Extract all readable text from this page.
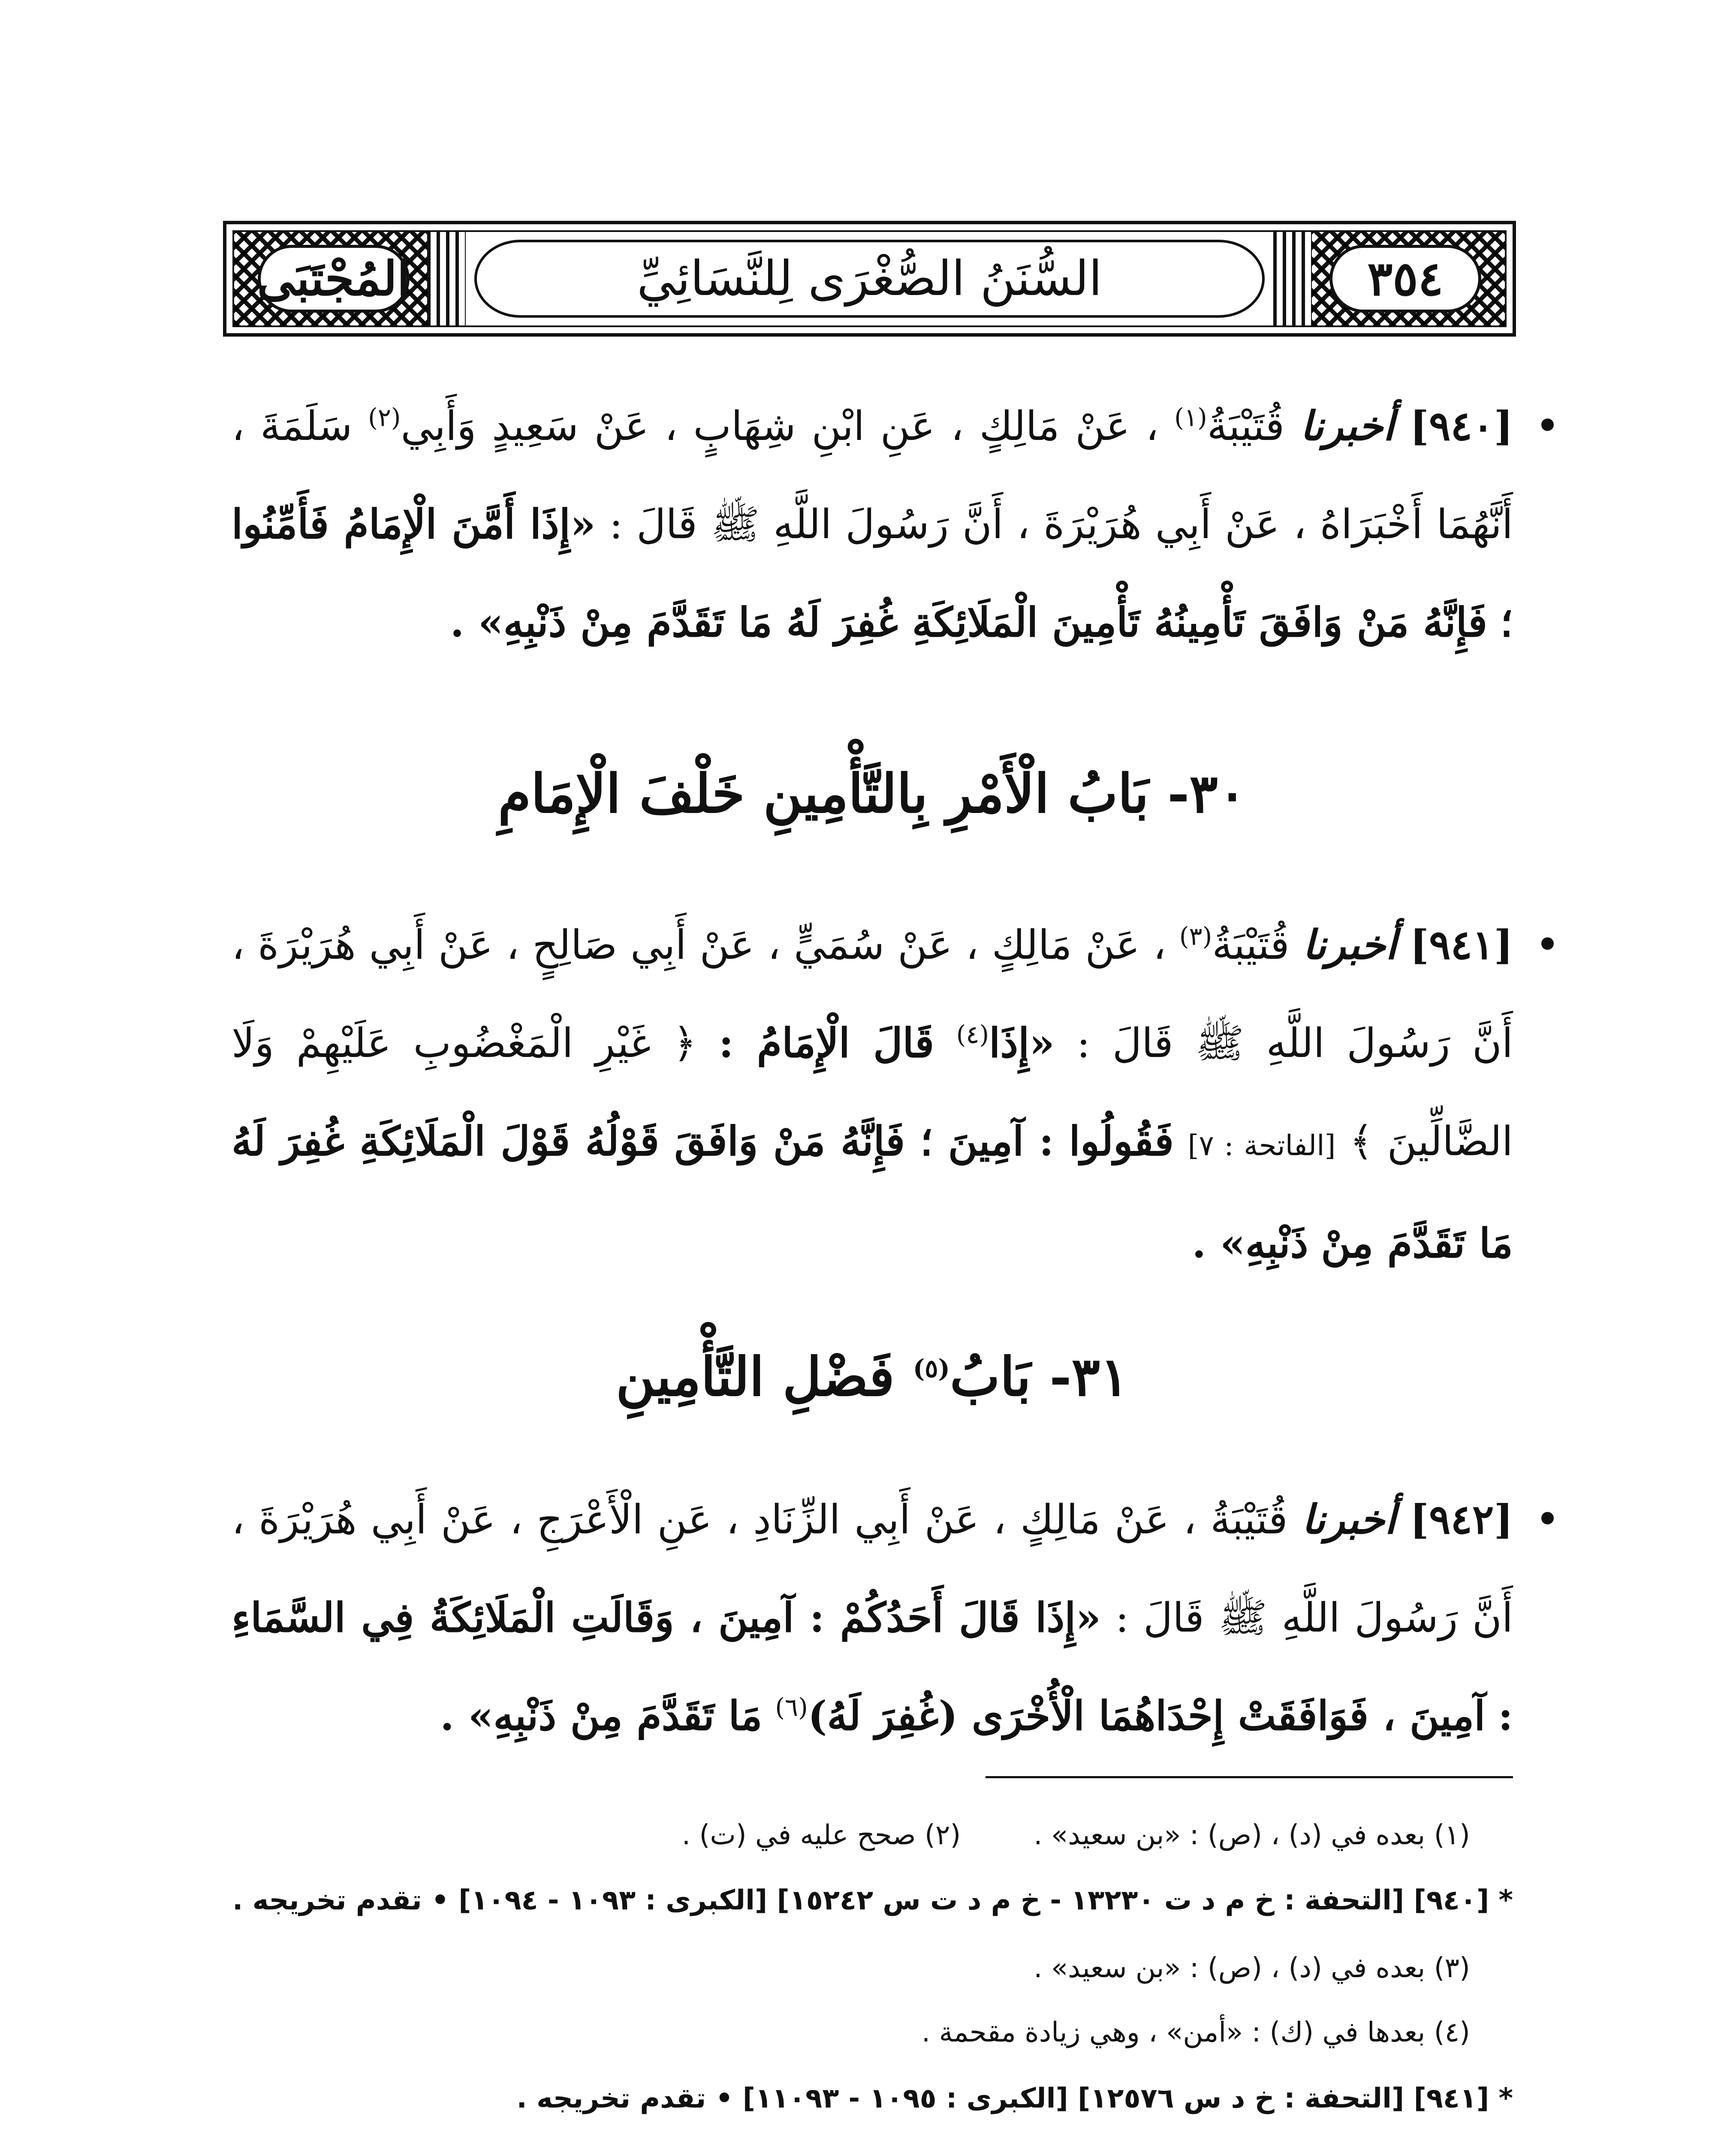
المُجْتَبَى	٣٥٤
السُّنَنُ الصُّغْرَى لِلنَّسَائِيِّ
•
[٩٤٠] أخبرنا قُتَيْبَةُ$^{(١)}$ ، عَنْ مَالِكٍ ، عَنِ ابْنِ شِهَابٍ ، عَنْ سَعِيدٍ وَأَبِي$^{(٢)}$ سَلَمَةَ ، أَنَّهُمَا أَخْبَرَاهُ ، عَنْ أَبِي هُرَيْرَةَ ، أَنَّ رَسُولَ اللَّهِ ﷺ قَالَ : «إِذَا أَمَّنَ الْإِمَامُ فَأَمِّنُوا ؛ فَإِنَّهُ مَنْ وَافَقَ تَأْمِينُهُ تَأْمِينَ الْمَلَائِكَةِ غُفِرَ لَهُ مَا تَقَدَّمَ مِنْ ذَنْبِهِ» .
٣٠- بَابُ الْأَمْرِ بِالتَّأْمِينِ خَلْفَ الْإِمَامِ
•
[٩٤١] أخبرنا قُتَيْبَةُ$^{(٣)}$ ، عَنْ مَالِكٍ ، عَنْ سُمَيٍّ ، عَنْ أَبِي صَالِحٍ ، عَنْ أَبِي هُرَيْرَةَ ، أَنَّ رَسُولَ اللَّهِ ﷺ قَالَ : «إِذَا$^{(٤)}$ قَالَ الْإِمَامُ : ﴿ غَيْرِ الْمَغْضُوبِ عَلَيْهِمْ وَلَا الضَّالِّينَ ﴾ [الفاتحة : ٧] فَقُولُوا : آمِينَ ؛ فَإِنَّهُ مَنْ وَافَقَ قَوْلُهُ قَوْلَ الْمَلَائِكَةِ غُفِرَ لَهُ مَا تَقَدَّمَ مِنْ ذَنْبِهِ» .
٣١- بَابُ$^{(٥)}$ فَضْلِ التَّأْمِينِ
•
[٩٤٢] أخبرنا قُتَيْبَةُ ، عَنْ مَالِكٍ ، عَنْ أَبِي الزِّنَادِ ، عَنِ الْأَعْرَجِ ، عَنْ أَبِي هُرَيْرَةَ ، أَنَّ رَسُولَ اللَّهِ ﷺ قَالَ : «إِذَا قَالَ أَحَدُكُمْ : آمِينَ ، وَقَالَتِ الْمَلَائِكَةُ فِي السَّمَاءِ : آمِينَ ، فَوَافَقَتْ إِحْدَاهُمَا الْأُخْرَى (غُفِرَ لَهُ)$^{(٦)}$ مَا تَقَدَّمَ مِنْ ذَنْبِهِ» .
(١) بعده في (د) ، (ص) : «بن سعيد» .(٢) صحح عليه في (ت) .
* [٩٤٠] [التحفة : خ م د ت ١٣٢٣٠ - خ م د ت س ١٥٢٤٢] [الكبرى : ١٠٩٣ - ١٠٩٤] • تقدم تخريجه .
(٣) بعده في (د) ، (ص) : «بن سعيد» .
(٤) بعدها في (ك) : «أمن» ، وهي زيادة مقحمة .
* [٩٤١] [التحفة : خ د س ١٢٥٧٦] [الكبرى : ١٠٩٥ - ١١٠٩٣] • تقدم تخريجه .
